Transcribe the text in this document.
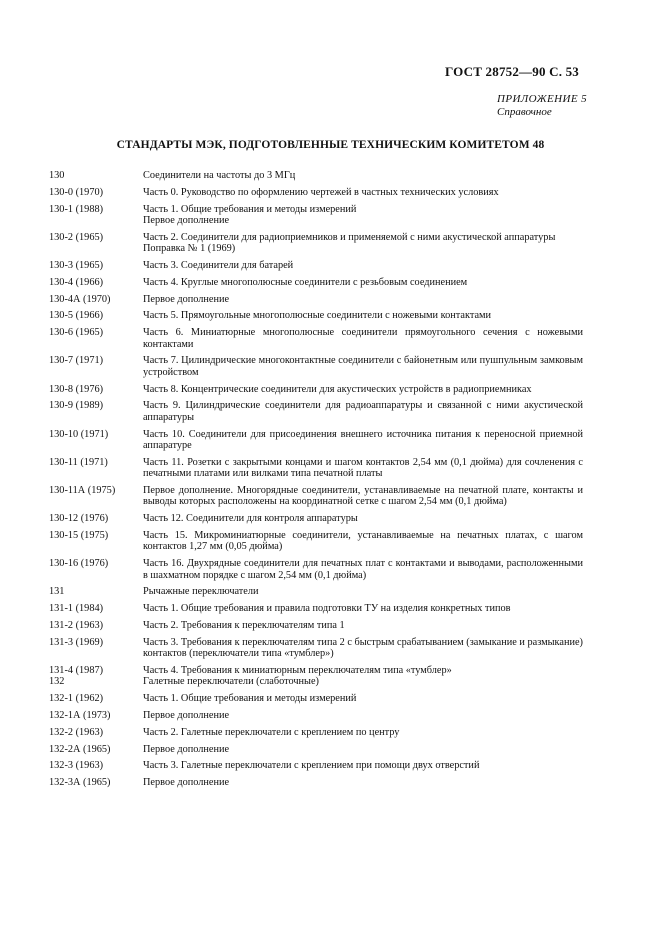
ГОСТ 28752—90 С. 53
ПРИЛОЖЕНИЕ 5
Справочное
СТАНДАРТЫ МЭК, ПОДГОТОВЛЕННЫЕ ТЕХНИЧЕСКИМ КОМИТЕТОМ 48
130	Соединители на частоты до 3 МГц
130-0 (1970)	Часть 0. Руководство по оформлению чертежей в частных технических условиях
130-1 (1988)	Часть 1. Общие требования и методы измерений
Первое дополнение
130-2 (1965)	Часть 2. Соединители для радиоприемников и применяемой с ними акустической аппаратуры
Поправка № 1 (1969)
130-3 (1965)	Часть 3. Соединители для батарей
130-4 (1966)	Часть 4. Круглые многополюсные соединители с резьбовым соединением
130-4А (1970)	Первое дополнение
130-5 (1966)	Часть 5. Прямоугольные многополюсные соединители с ножевыми контактами
130-6 (1965)	Часть 6. Миниатюрные многополюсные соединители прямоугольного сечения с ножевыми контактами
130-7 (1971)	Часть 7. Цилиндрические многоконтактные соединители с байонетным или пушпульным замковым устройством
130-8 (1976)	Часть 8. Концентрические соединители для акустических устройств в радиоприемниках
130-9 (1989)	Часть 9. Цилиндрические соединители для радиоаппаратуры и связанной с ними акустической аппаратуры
130-10 (1971)	Часть 10. Соединители для присоединения внешнего источника питания к переносной приемной аппаратуре
130-11 (1971)	Часть 11. Розетки с закрытыми концами и шагом контактов 2,54 мм (0,1 дюйма) для сочленения с печатными платами или вилками типа печатной платы
130-11А (1975)	Первое дополнение. Многорядные соединители, устанавливаемые на печатной плате, контакты и выводы которых расположены на координатной сетке с шагом 2,54 мм (0,1 дюйма)
130-12 (1976)	Часть 12. Соединители для контроля аппаратуры
130-15 (1975)	Часть 15. Микроминиатюрные соединители, устанавливаемые на печатных платах, с шагом контактов 1,27 мм (0,05 дюйма)
130-16 (1976)	Часть 16. Двухрядные соединители для печатных плат с контактами и выводами, расположенными в шахматном порядке с шагом 2,54 мм (0,1 дюйма)
131	Рычажные переключатели
131-1 (1984)	Часть 1. Общие требования и правила подготовки ТУ на изделия конкретных типов
131-2 (1963)	Часть 2. Требования к переключателям типа 1
131-3 (1969)	Часть 3. Требования к переключателям типа 2 с быстрым срабатыванием (замыкание и размыкание) контактов (переключатели типа «тумблер»)
131-4 (1987)	Часть 4. Требования к миниатюрным переключателям типа «тумблер»
132	Галетные переключатели (слаботочные)
132-1 (1962)	Часть 1. Общие требования и методы измерений
132-1А (1973)	Первое дополнение
132-2 (1963)	Часть 2. Галетные переключатели с креплением по центру
132-2А (1965)	Первое дополнение
132-3 (1963)	Часть 3. Галетные переключатели с креплением при помощи двух отверстий
132-3А (1965)	Первое дополнение
